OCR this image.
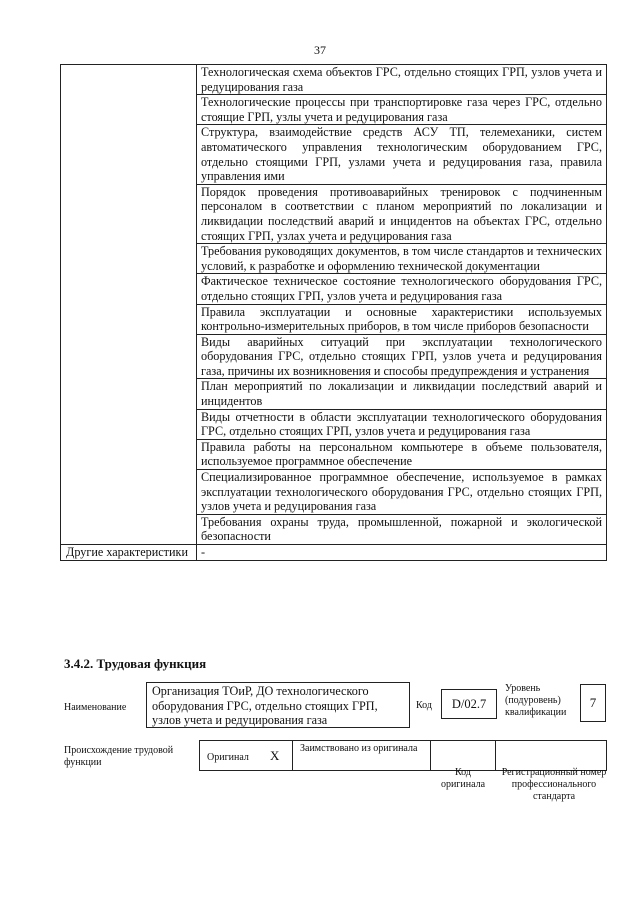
37
	Технологическая схема объектов ГРС, отдельно стоящих ГРП, узлов учета и редуцирования газа
	Технологические процессы при транспортировке газа через ГРС, отдельно стоящие ГРП, узлы учета и редуцирования газа
	Структура, взаимодействие средств АСУ ТП, телемеханики, систем автоматического управления технологическим оборудованием ГРС, отдельно стоящими ГРП, узлами учета и редуцирования газа, правила управления ими
	Порядок проведения противоаварийных тренировок с подчиненным персоналом в соответствии с планом мероприятий по локализации и ликвидации последствий аварий и инцидентов на объектах ГРС, отдельно стоящих ГРП, узлах учета и редуцирования газа
	Требования руководящих документов, в том числе стандартов и технических условий, к разработке и оформлению технической документации
	Фактическое техническое состояние технологического оборудования ГРС, отдельно стоящих ГРП, узлов учета и редуцирования газа
	Правила эксплуатации и основные характеристики используемых контрольно-измерительных приборов, в том числе приборов безопасности
	Виды аварийных ситуаций при эксплуатации технологического оборудования ГРС, отдельно стоящих ГРП, узлов учета и редуцирования газа, причины их возникновения и способы предупреждения и устранения
	План мероприятий по локализации и ликвидации последствий аварий и инцидентов
	Виды отчетности в области эксплуатации технологического оборудования ГРС, отдельно стоящих ГРП, узлов учета и редуцирования газа
	Правила работы на персональном компьютере в объеме пользователя, используемое программное обеспечение
	Специализированное программное обеспечение, используемое в рамках эксплуатации технологического оборудования ГРС, отдельно стоящих ГРП, узлов учета и редуцирования газа
	Требования охраны труда, промышленной, пожарной и экологической безопасности
Другие характеристики	-
3.4.2. Трудовая функция
Наименование
Организация ТОиР, ДО технологического оборудования ГРС, отдельно стоящих ГРП, узлов учета и редуцирования газа
Код D/02.7
Уровень (подуровень) квалификации
7
Происхождение трудовой функции	Оригинал X Заимствовано из оригинала
Код оригинала
Регистрационный номер профессионального стандарта
